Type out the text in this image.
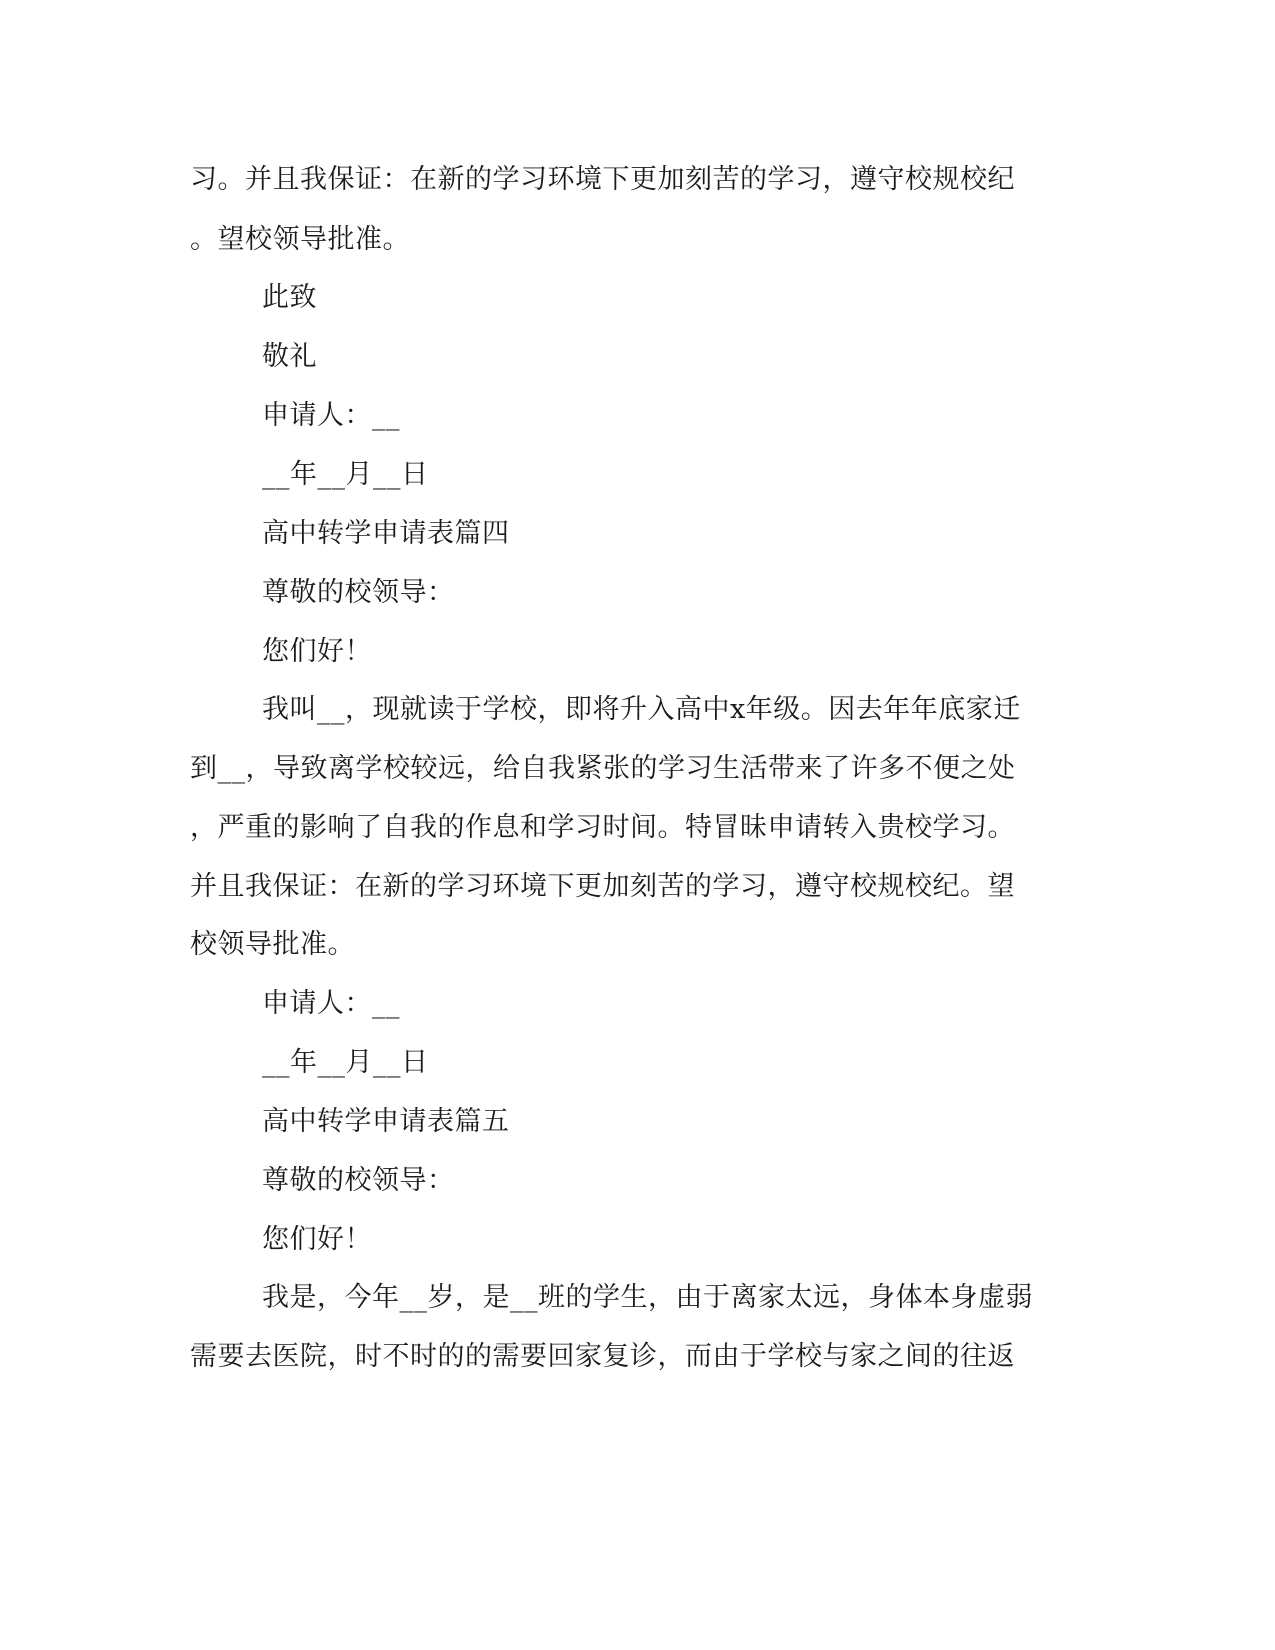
习。并且我保证：在新的学习环境下更加刻苦的学习，遵守校规校纪
。望校领导批准。
此致
敬礼
申请人：__
__年__月__日
高中转学申请表篇四
尊敬的校领导：
您们好！
我叫__，现就读于学校，即将升入高中x年级。因去年年底家迁
到__，导致离学校较远，给自我紧张的学习生活带来了许多不便之处
，严重的影响了自我的作息和学习时间。特冒昧申请转入贵校学习。
并且我保证：在新的学习环境下更加刻苦的学习，遵守校规校纪。望
校领导批准。
申请人：__
__年__月__日
高中转学申请表篇五
尊敬的校领导：
您们好！
我是，今年__岁，是__班的学生，由于离家太远，身体本身虚弱
需要去医院，时不时的的需要回家复诊，而由于学校与家之间的往返
